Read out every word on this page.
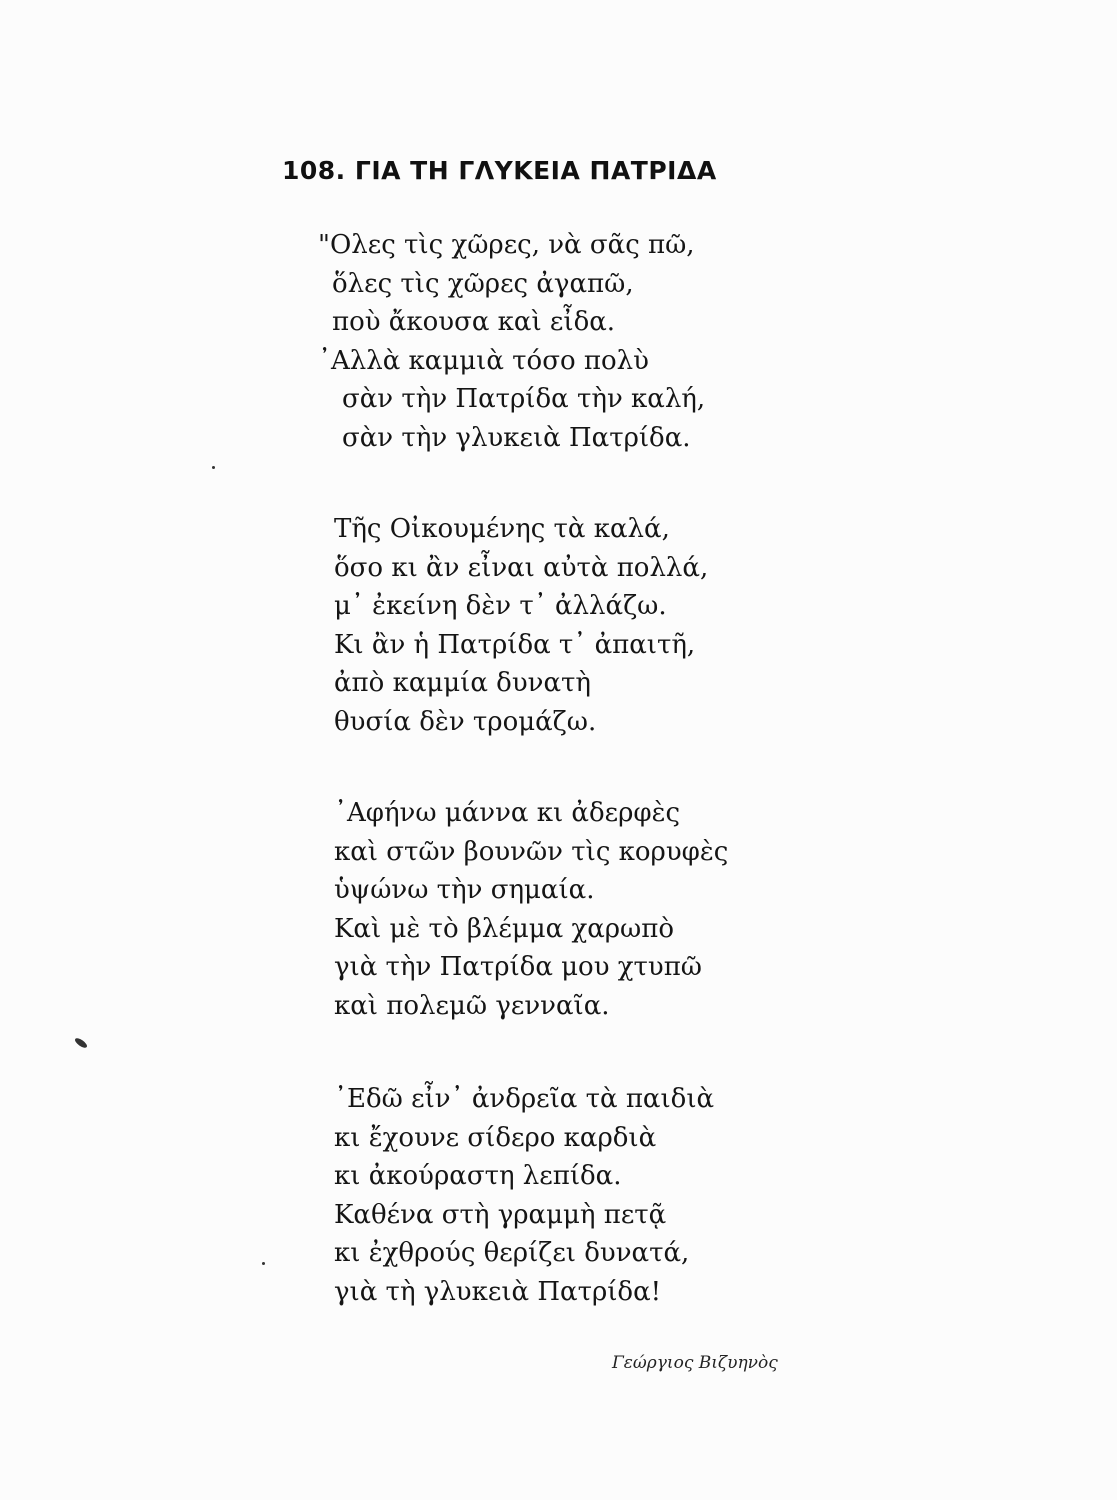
108. ΓΙΑ ΤΗ ΓΛΥΚΕΙΑ ΠΑΤΡΙΔΑ
"Ολες τὶς χῶρες, νὰ σᾶς πῶ,
ὅλες τὶς χῶρες ἀγαπῶ,
ποὺ ἄκουσα καὶ εἶδα.
᾿Αλλὰ καμμιὰ τόσο πολὺ
σὰν τὴν Πατρίδα τὴν καλή,
σὰν τὴν γλυκειὰ Πατρίδα.
Τῆς Οἰκουμένης τὰ καλά,
ὅσο κι ἂν εἶναι αὐτὰ πολλά,
μ᾿ ἐκείνη δὲν τ᾿ ἀλλάζω.
Κι ἂν ἡ Πατρίδα τ᾿ ἀπαιτῆ,
ἀπὸ καμμία δυνατὴ
θυσία δὲν τρομάζω.
᾿Αφήνω μάννα κι ἀδερφὲς
καὶ στῶν βουνῶν τὶς κορυφὲς
ὑψώνω τὴν σημαία.
Καὶ μὲ τὸ βλέμμα χαρωπὸ
γιὰ τὴν Πατρίδα μου χτυπῶ
καὶ πολεμῶ γενναῖα.
᾿Εδῶ εἶν᾿ ἀνδρεῖα τὰ παιδιὰ
κι ἔχουνε σίδερο καρδιὰ
κι ἀκούραστη λεπίδα.
Καθένα στὴ γραμμὴ πετᾷ
κι ἐχθρούς θερίζει δυνατά,
γιὰ τὴ γλυκειὰ Πατρίδα!
Γεώργιος Βιζυηνὸς
